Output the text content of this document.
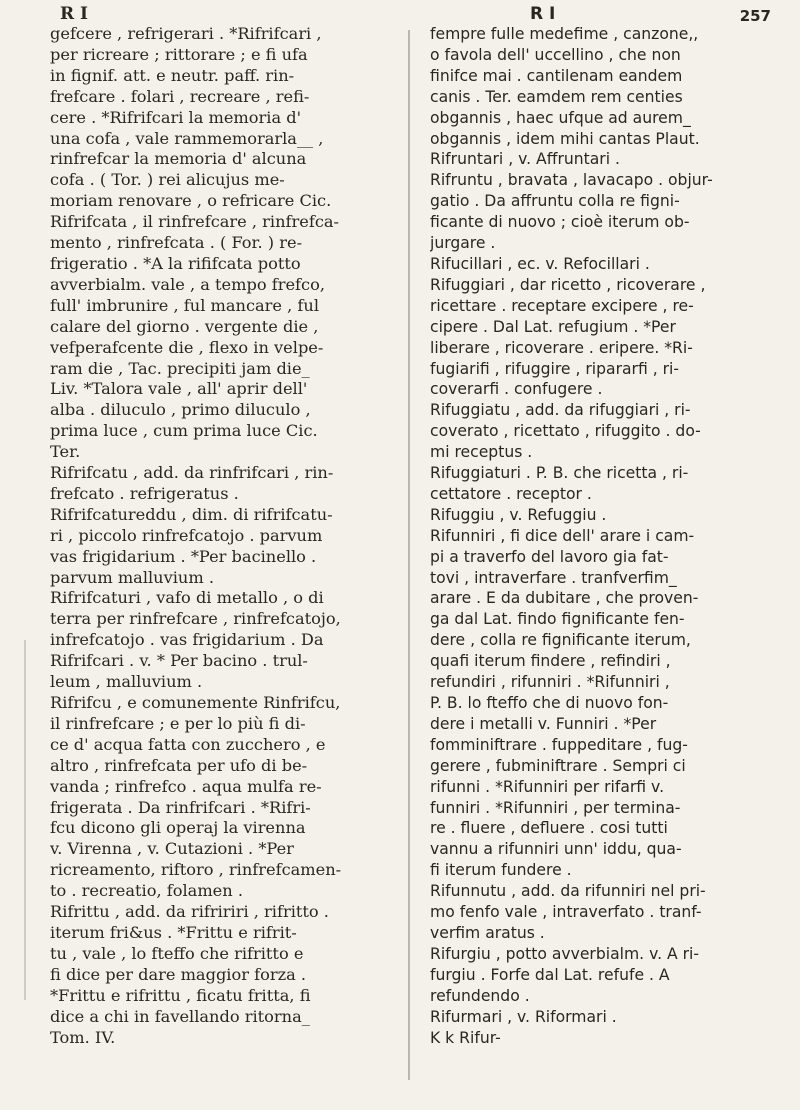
R I
gefcere , refrigerari . *Rifrifcari ,
per ricreare ; rittorare ; e fi ufa
in fignif. att. e neutr. paff. rin-
frefcare . folari , recreare , refi-
cere . *Rifrifcari la memoria d'
una cofa , vale rammemorarla__ ,
rinfrefcar la memoria d' alcuna
cofa . ( Tor. ) rei alicujus me-
moriam renovare , o refricare Cic.
Rifrifcata , il rinfrefcare , rinfrefca-
mento , rinfrefcata . ( For. ) re-
frigeratio . *A la rififcata potto
avverbialm. vale , a tempo frefco,
full' imbrunire , ful mancare , ful
calare del giorno . vergente die ,
vefperafcente die , flexo in velpe-
ram die , Tac. precipiti jam die_
Liv. *Talora vale , all' aprir dell'
alba . diluculo , primo diluculo ,
prima luce , cum prima luce Cic.
Ter.
Rifrifcatu , add. da rinfrifcari , rin-
frefcato . refrigeratus .
Rifrifcatureddu , dim. di rifrifcatu-
ri , piccolo rinfrefcatojo . parvum
vas frigidarium . *Per bacinello .
parvum malluvium .
Rifrifcaturi , vafo di metallo , o di
terra per rinfrefcare , rinfrefcatojo,
infrefcatojo . vas frigidarium . Da
Rifrifcari . v. * Per bacino . trul-
leum , malluvium .
Rifrifcu , e comunemente Rinfrifcu,
il rinfrefcare ; e per lo più fi di-
ce d' acqua fatta con zucchero , e
altro , rinfrefcata per ufo di be-
vanda ; rinfrefco . aqua mulfa re-
frigerata . Da rinfrifcari . *Rifri-
fcu dicono gli operaj la virenna
v. Virenna , v. Cutazioni . *Per
ricreamento, riftoro , rinfrefcamen-
to . recreatio, folamen .
Rifrittu , add. da rifririri , rifritto .
iterum fri&us . *Frittu e rifrit-
tu , vale , lo fteffo che rifritto e
fi dice per dare maggior forza .
*Frittu e rifrittu , ficatu fritta, fi
dice a chi in favellando ritorna_
Tom. IV.
R I	257
fempre fulle medefime , canzone,,
o favola dell' uccellino , che non
finifce mai . cantilenam eandem
canis . Ter. eamdem rem centies
obgannis , haec ufque ad aurem_
obgannis , idem mihi cantas Plaut.
Rifruntari , v. Affruntari .
Rifruntu , bravata , lavacapo . objur-
gatio . Da affruntu colla re figni-
ficante di nuovo ; cioè iterum ob-
jurgare .
Rifucillari , ec. v. Refocillari .
Rifuggiari , dar ricetto , ricoverare ,
ricettare . receptare excipere , re-
cipere . Dal Lat. refugium . *Per
liberare , ricoverare . eripere. *Ri-
fugiarifi , rifuggire , ripararfi , ri-
coverarfi . confugere .
Rifuggiatu , add. da rifuggiari , ri-
coverato , ricettato , rifuggito . do-
mi receptus .
Rifuggiaturi . P. B. che ricetta , ri-
cettatore . receptor .
Rifuggiu , v. Refuggiu .
Rifunniri , fi dice dell' arare i cam-
pi a traverfo del lavoro gia fat-
tovi , intraverfare . tranfverfim_
arare . E da dubitare , che proven-
ga dal Lat. findo fignificante fen-
dere , colla re fignificante iterum,
quafi iterum findere , refindiri ,
refundiri , rifunniri . *Rifunniri ,
P. B. lo fteffo che di nuovo fon-
dere i metalli v. Funniri . *Per
fomminiftrare . fuppeditare , fug-
gerere , fubminiftrare . Sempri ci
rifunni . *Rifunniri per rifarfi v.
funniri . *Rifunniri , per termina-
re . fluere , defluere . cosi tutti
vannu a rifunniri unn' iddu, qua-
fi iterum fundere .
Rifunnutu , add. da rifunniri nel pri-
mo fenfo vale , intraverfato . tranf-
verfim aratus .
Rifurgiu , potto avverbialm. v. A ri-
furgiu . Forfe dal Lat. refufe . A
refundendo .
Rifurmari , v. Riformari .
K k Rifur-
